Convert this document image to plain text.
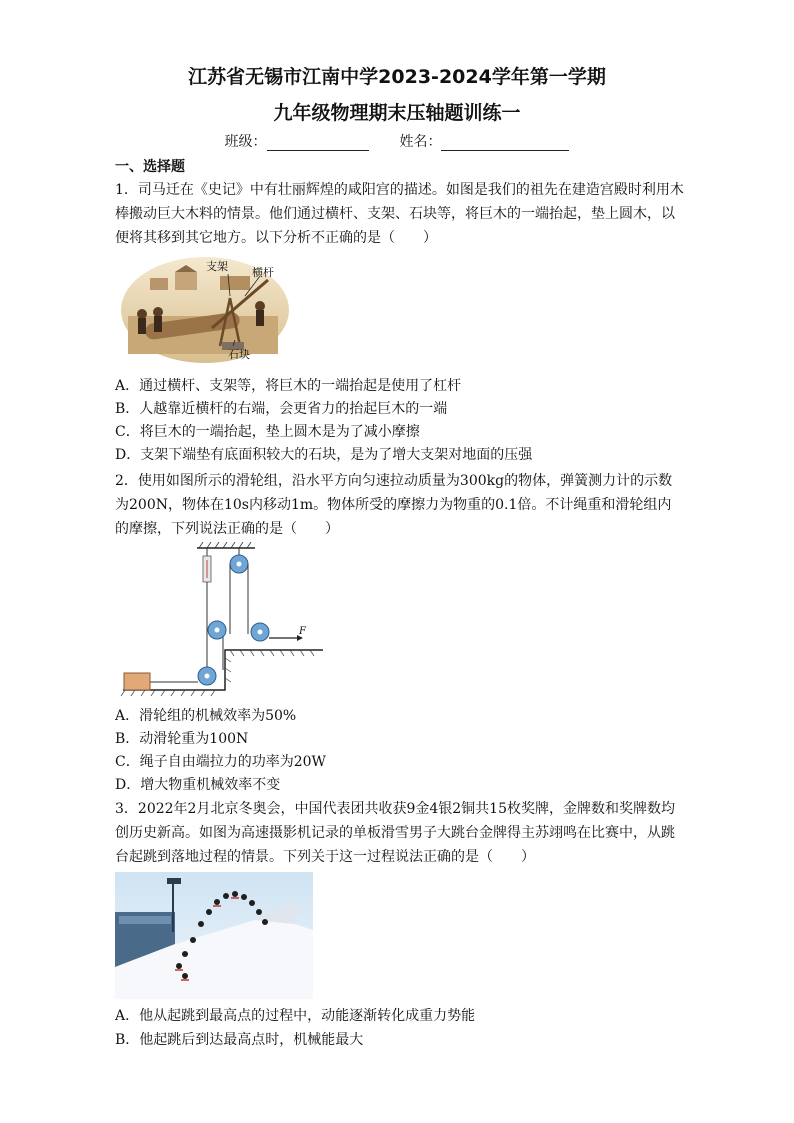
江苏省无锡市江南中学2023-2024学年第一学期
九年级物理期末压轴题训练一
班级：	姓名：
一、选择题
1．司马迁在《史记》中有壮丽辉煌的咸阳宫的描述。如图是我们的祖先在建造宫殿时利用木棒搬动巨大木料的情景。他们通过横杆、支架、石块等，将巨木的一端抬起，垫上圆木，以便将其移到其它地方。以下分析不正确的是（　　）
支架 横杆
石块
A．通过横杆、支架等，将巨木的一端抬起是使用了杠杆
B．人越靠近横杆的右端，会更省力的抬起巨木的一端
C．将巨木的一端抬起，垫上圆木是为了减小摩擦
D．支架下端垫有底面积较大的石块，是为了增大支架对地面的压强
2．使用如图所示的滑轮组，沿水平方向匀速拉动质量为300kg的物体，弹簧测力计的示数为200N，物体在10s内移动1m。物体所受的摩擦力为物重的0.1倍。不计绳重和滑轮组内的摩擦，下列说法正确的是（　　）
F
A．滑轮组的机械效率为50%
B．动滑轮重为100N
C．绳子自由端拉力的功率为20W
D．增大物重机械效率不变
3．2022年2月北京冬奥会，中国代表团共收获9金4银2铜共15枚奖牌，金牌数和奖牌数均创历史新高。如图为高速摄影机记录的单板滑雪男子大跳台金牌得主苏翊鸣在比赛中，从跳台起跳到落地过程的情景。下列关于这一过程说法正确的是（　　）
A．他从起跳到最高点的过程中，动能逐渐转化成重力势能
B．他起跳后到达最高点时，机械能最大
